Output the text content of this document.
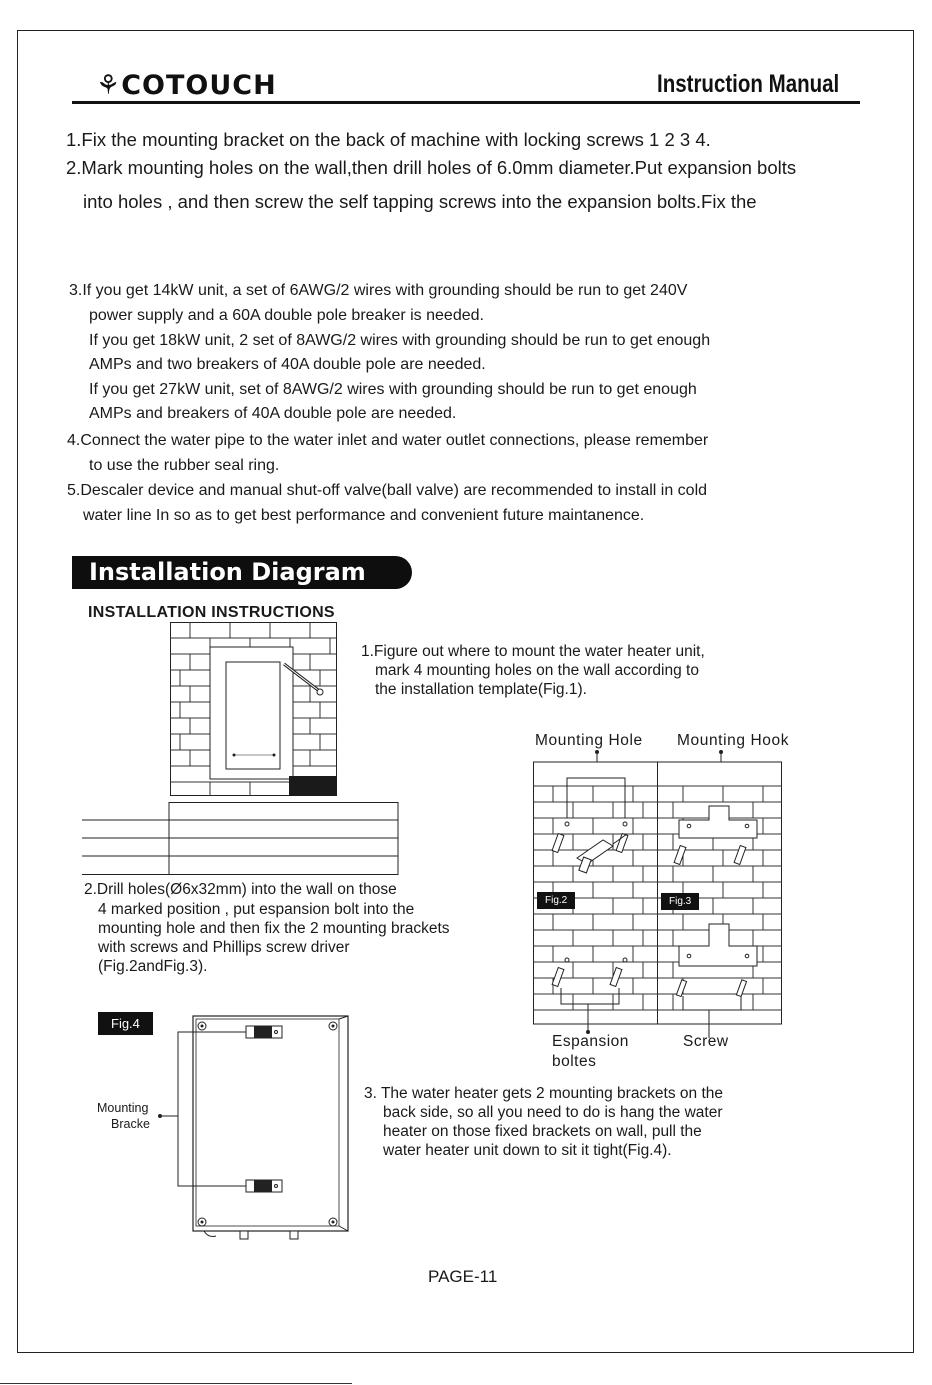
⚘COTOUCH	Instruction Manual
1.Fix the mounting bracket on the back of machine with locking screws 1 2 3 4.
2.Mark mounting holes on the wall,then drill holes of 6.0mm diameter.Put expansion bolts
into holes , and then screw the self tapping screws into the expansion bolts.Fix the
3.If you get 14kW unit, a set of 6AWG/2 wires with grounding should be run to get 240V
power supply and a 60A double pole breaker is needed.
If you get 18kW unit, 2 set of 8AWG/2 wires with grounding should be run to get enough
AMPs and two breakers of 40A double pole are needed.
If you get 27kW unit, set of 8AWG/2 wires with grounding should be run to get enough
AMPs and breakers of 40A double pole are needed.
4.Connect the water pipe to the water inlet and water outlet connections, please remember
to use the rubber seal ring.
5.Descaler device and manual shut-off valve(ball valve) are recommended to install in cold
water line In so as to get best performance and convenient future maintanence.
Installation Diagram
INSTALLATION INSTRUCTIONS
1.Figure out where to mount the water heater unit,
mark 4 mounting holes on the wall according to
the installation template(Fig.1).
Mounting Hole Mounting Hook
Fig.2	Fig.3
2.Drill holes(Ø6x32mm) into the wall on those
4 marked position , put espansion bolt into the
mounting hole and then fix the 2 mounting brackets
with screws and Phillips screw driver
(Fig.2andFig.3).
Espansion
boltes
Screw
Fig.4
Mounting
Bracke
3. The water heater gets 2 mounting brackets on the
back side, so all you need to do is hang the water
heater on those fixed brackets on wall, pull the
water heater unit down to sit it tight(Fig.4).
PAGE-11
